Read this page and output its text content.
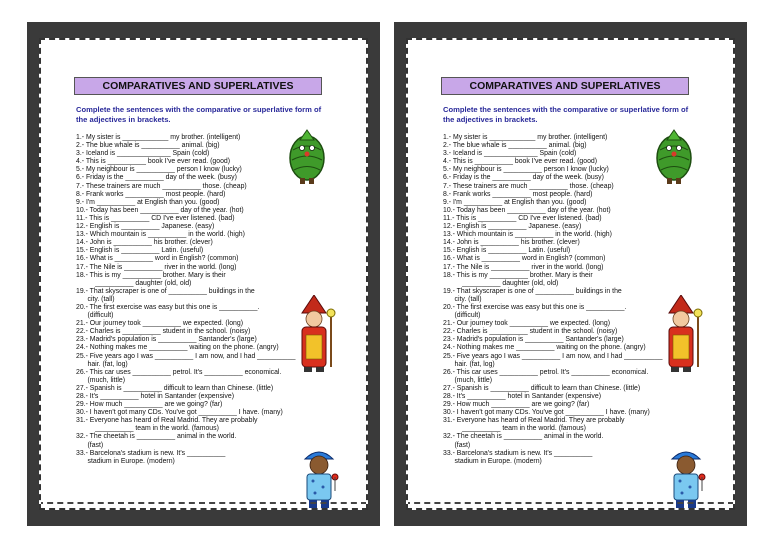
COMPARATIVES AND SUPERLATIVES
Complete the sentences with the comparative or superlative form of the adjectives in brackets.
1.- My sister is ____________ my brother. (intelligent)
2.- The blue whale is __________ animal. (big)
3.- Iceland is ______________ Spain (cold)
4.- This is __________ book I've ever read. (good)
5.- My neighbour is __________ person I know (lucky)
6.- Friday is the __________ day of the week. (busy)
7.- These trainers are much __________ those. (cheap)
8.- Frank works __________ most people. (hard)
9.- I'm __________ at English than you. (good)
10.- Today has been __________ day of the year. (hot)
11.- This is __________ CD I've ever listened. (bad)
12.- English is __________ Japanese. (easy)
13.- Which mountain is __________ in the world. (high)
14.- John is __________ his brother. (clever)
15.- English is __________ Latin. (useful)
16.- What is __________ word in English? (common)
17.- The Nile is __________ river in the world. (long)
18.- This is my __________ brother. Mary is their
__________ daughter (old, old)
19.- That skyscraper is one of __________ buildings in the
city. (tall)
20.- The first exercise was easy but this one is __________.
(difficult)
21.- Our journey took __________ we expected. (long)
22.- Charles is __________ student in the school. (noisy)
23.- Madrid's population is __________ Santander's (large)
24.- Nothing makes me __________ waiting on the phone. (angry)
25.- Five years ago I was __________ I am now, and I had __________
hair. (fat, log)
26.- This car uses __________ petrol. It's __________ economical.
(much, little)
27.- Spanish is __________ difficult to learn than Chinese. (little)
28.- It's __________ hotel in Santander (expensive)
29.- How much __________ are we going? (far)
30.- I haven't got many CDs. You've got __________ I have. (many)
31.- Everyone has heard of Real Madrid. They are probably
__________ team in the world. (famous)
32.- The cheetah is __________ animal in the world.
(fast)
33.- Barcelona's stadium is new. It's __________
stadium in Europe. (modern)
COMPARATIVES AND SUPERLATIVES
Complete the sentences with the comparative or superlative form of the adjectives in brackets.
1.- My sister is ____________ my brother. (intelligent)
2.- The blue whale is __________ animal. (big)
3.- Iceland is ______________ Spain (cold)
4.- This is __________ book I've ever read. (good)
5.- My neighbour is __________ person I know (lucky)
6.- Friday is the __________ day of the week. (busy)
7.- These trainers are much __________ those. (cheap)
8.- Frank works __________ most people. (hard)
9.- I'm __________ at English than you. (good)
10.- Today has been __________ day of the year. (hot)
11.- This is __________ CD I've ever listened. (bad)
12.- English is __________ Japanese. (easy)
13.- Which mountain is __________ in the world. (high)
14.- John is __________ his brother. (clever)
15.- English is __________ Latin. (useful)
16.- What is __________ word in English? (common)
17.- The Nile is __________ river in the world. (long)
18.- This is my __________ brother. Mary is their
__________ daughter (old, old)
19.- That skyscraper is one of __________ buildings in the
city. (tall)
20.- The first exercise was easy but this one is __________.
(difficult)
21.- Our journey took __________ we expected. (long)
22.- Charles is __________ student in the school. (noisy)
23.- Madrid's population is __________ Santander's (large)
24.- Nothing makes me __________ waiting on the phone. (angry)
25.- Five years ago I was __________ I am now, and I had __________
hair. (fat, log)
26.- This car uses __________ petrol. It's __________ economical.
(much, little)
27.- Spanish is __________ difficult to learn than Chinese. (little)
28.- It's __________ hotel in Santander (expensive)
29.- How much __________ are we going? (far)
30.- I haven't got many CDs. You've got __________ I have. (many)
31.- Everyone has heard of Real Madrid. They are probably
__________ team in the world. (famous)
32.- The cheetah is __________ animal in the world.
(fast)
33.- Barcelona's stadium is new. It's __________
stadium in Europe. (modern)
